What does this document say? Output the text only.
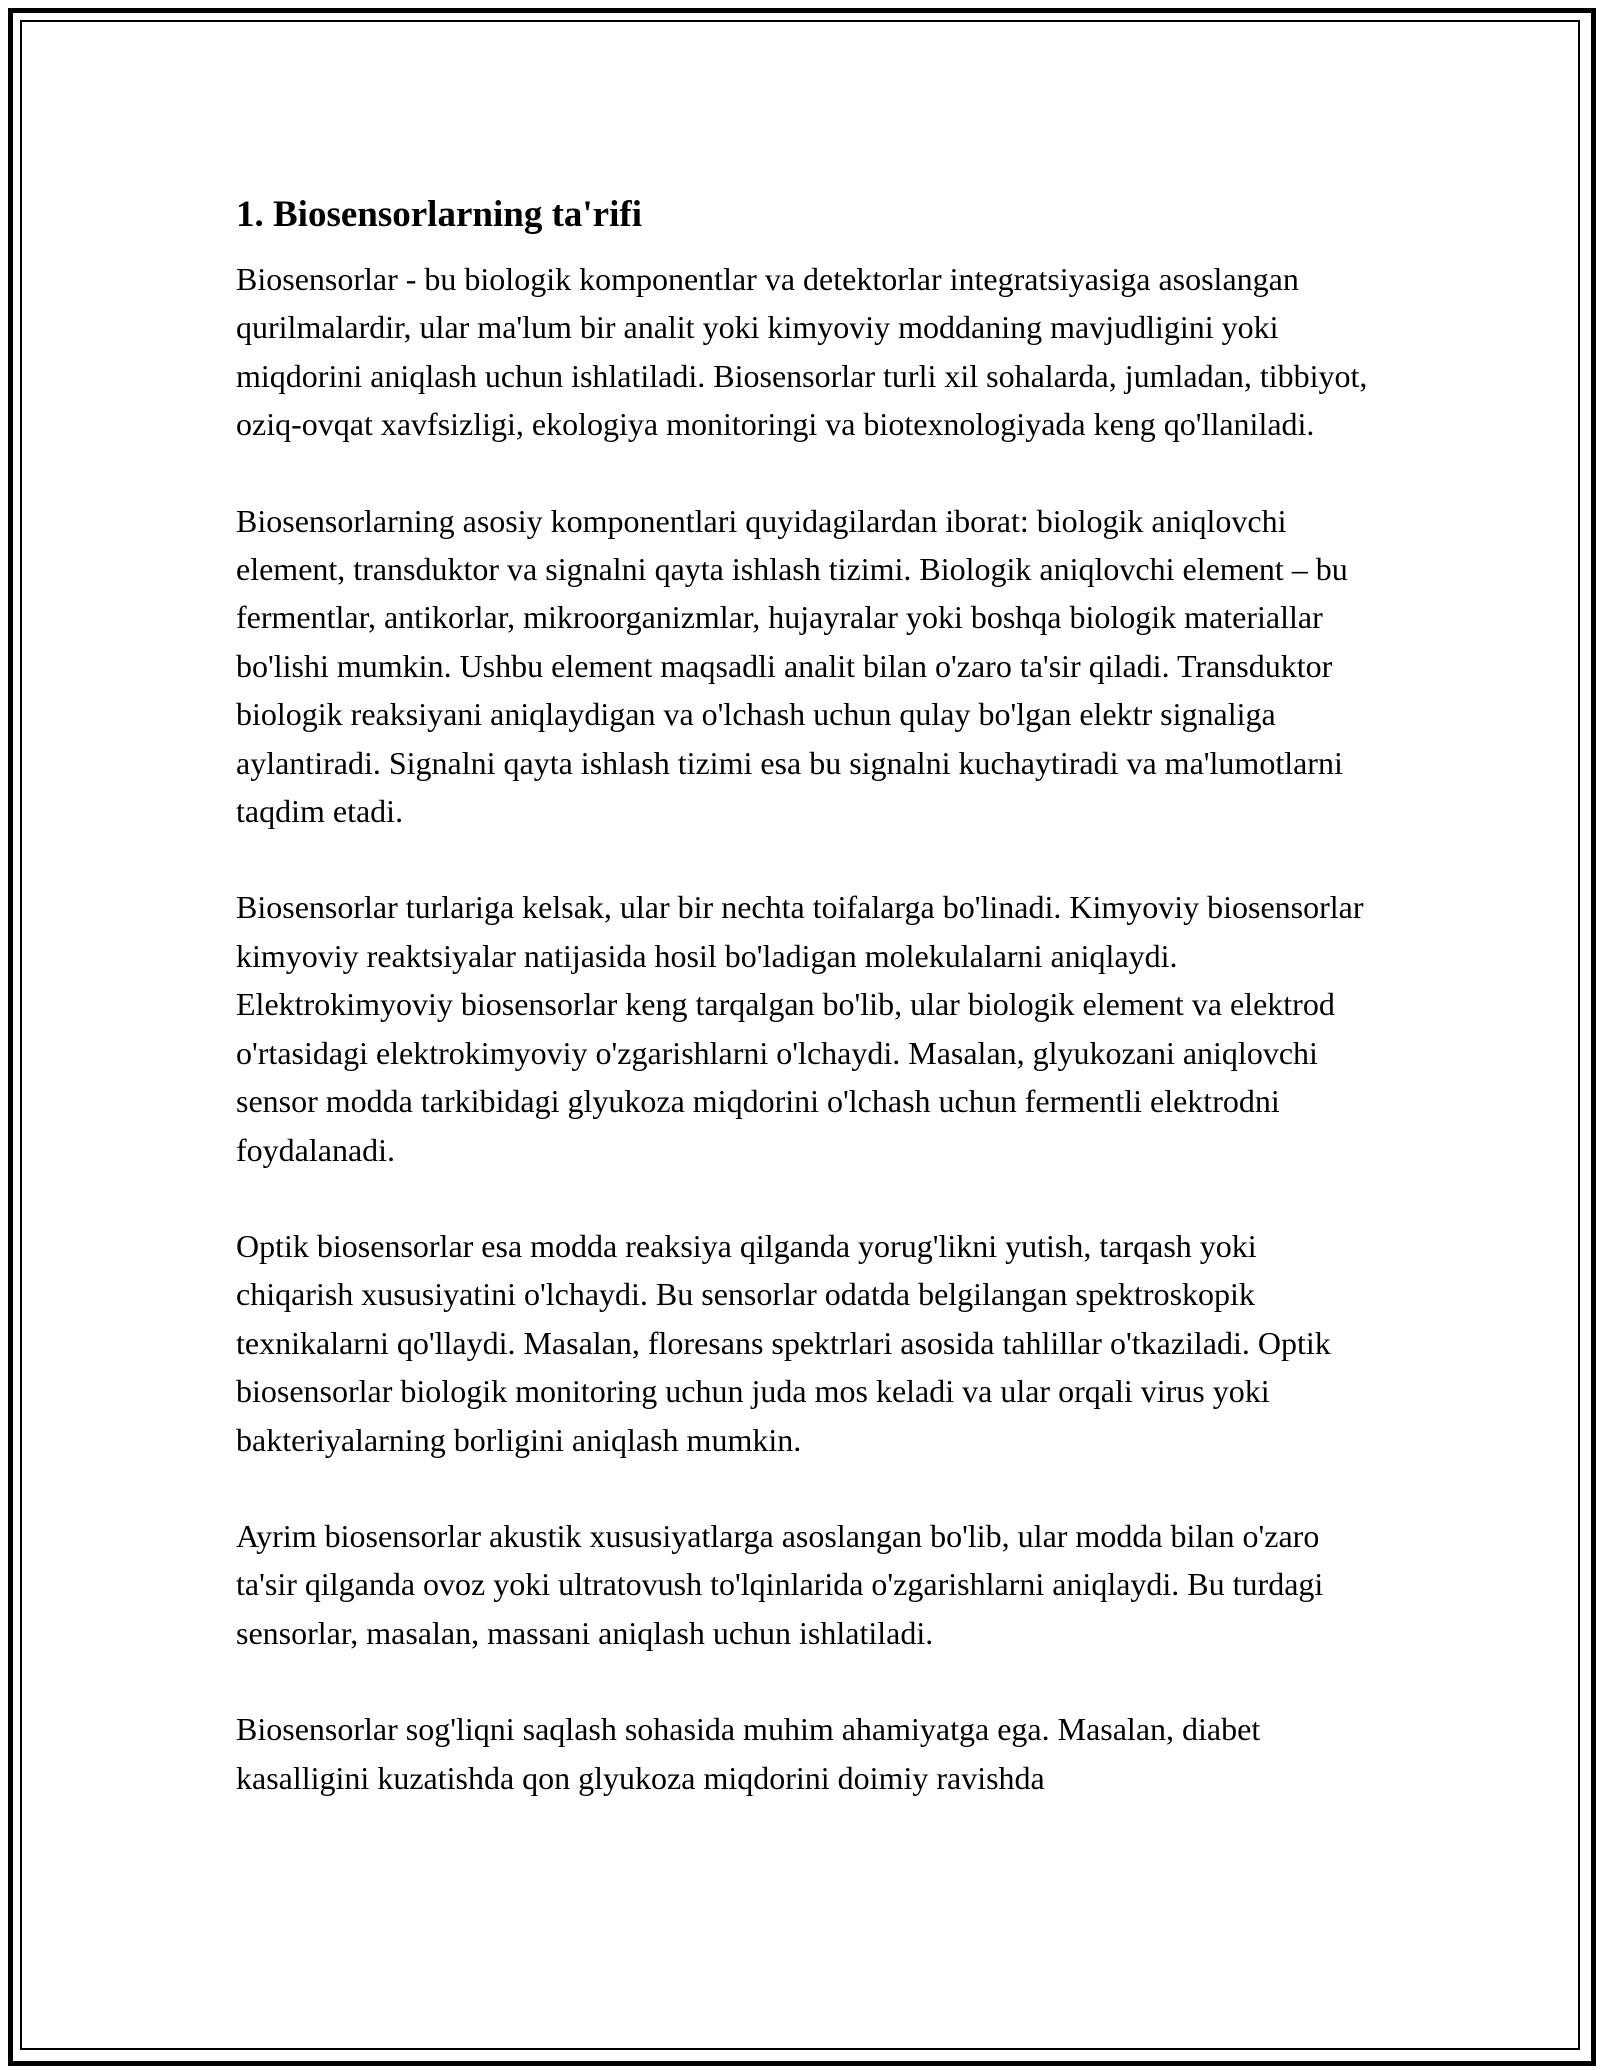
1. Biosensorlarning ta'rifi

Biosensorlar - bu biologik komponentlar va detektorlar integratsiyasiga asoslangan qurilmalardir, ular ma'lum bir analit yoki kimyoviy moddaning mavjudligini yoki miqdorini aniqlash uchun ishlatiladi. Biosensorlar turli xil sohalarda, jumladan, tibbiyot, oziq-ovqat xavfsizligi, ekologiya monitoringi va biotexnologiyada keng qo'llaniladi.

Biosensorlarning asosiy komponentlari quyidagilardan iborat: biologik aniqlovchi element, transduktor va signalni qayta ishlash tizimi. Biologik aniqlovchi element – bu fermentlar, antikorlar, mikroorganizmlar, hujayralar yoki boshqa biologik materiallar bo'lishi mumkin. Ushbu element maqsadli analit bilan o'zaro ta'sir qiladi. Transduktor biologik reaksiyani aniqlaydigan va o'lchash uchun qulay bo'lgan elektr signaliga aylantiradi. Signalni qayta ishlash tizimi esa bu signalni kuchaytiradi va ma'lumotlarni taqdim etadi.

Biosensorlar turlariga kelsak, ular bir nechta toifalarga bo'linadi. Kimyoviy biosensorlar kimyoviy reaktsiyalar natijasida hosil bo'ladigan molekulalarni aniqlaydi. Elektrokimyoviy biosensorlar keng tarqalgan bo'lib, ular biologik element va elektrod o'rtasidagi elektrokimyoviy o'zgarishlarni o'lchaydi. Masalan, glyukozani aniqlovchi sensor modda tarkibidagi glyukoza miqdorini o'lchash uchun fermentli elektrodni foydalanadi.

Optik biosensorlar esa modda reaksiya qilganda yorug'likni yutish, tarqash yoki chiqarish xususiyatini o'lchaydi. Bu sensorlar odatda belgilangan spektroskopik texnikalarni qo'llaydi. Masalan, floresans spektrlari asosida tahlillar o'tkaziladi. Optik biosensorlar biologik monitoring uchun juda mos keladi va ular orqali virus yoki bakteriyalarning borligini aniqlash mumkin.

Ayrim biosensorlar akustik xususiyatlarga asoslangan bo'lib, ular modda bilan o'zaro ta'sir qilganda ovoz yoki ultratovush to'lqinlarida o'zgarishlarni aniqlaydi. Bu turdagi sensorlar, masalan, massani aniqlash uchun ishlatiladi.

Biosensorlar sog'liqni saqlash sohasida muhim ahamiyatga ega. Masalan, diabet kasalligini kuzatishda qon glyukoza miqdorini doimiy ravishda
